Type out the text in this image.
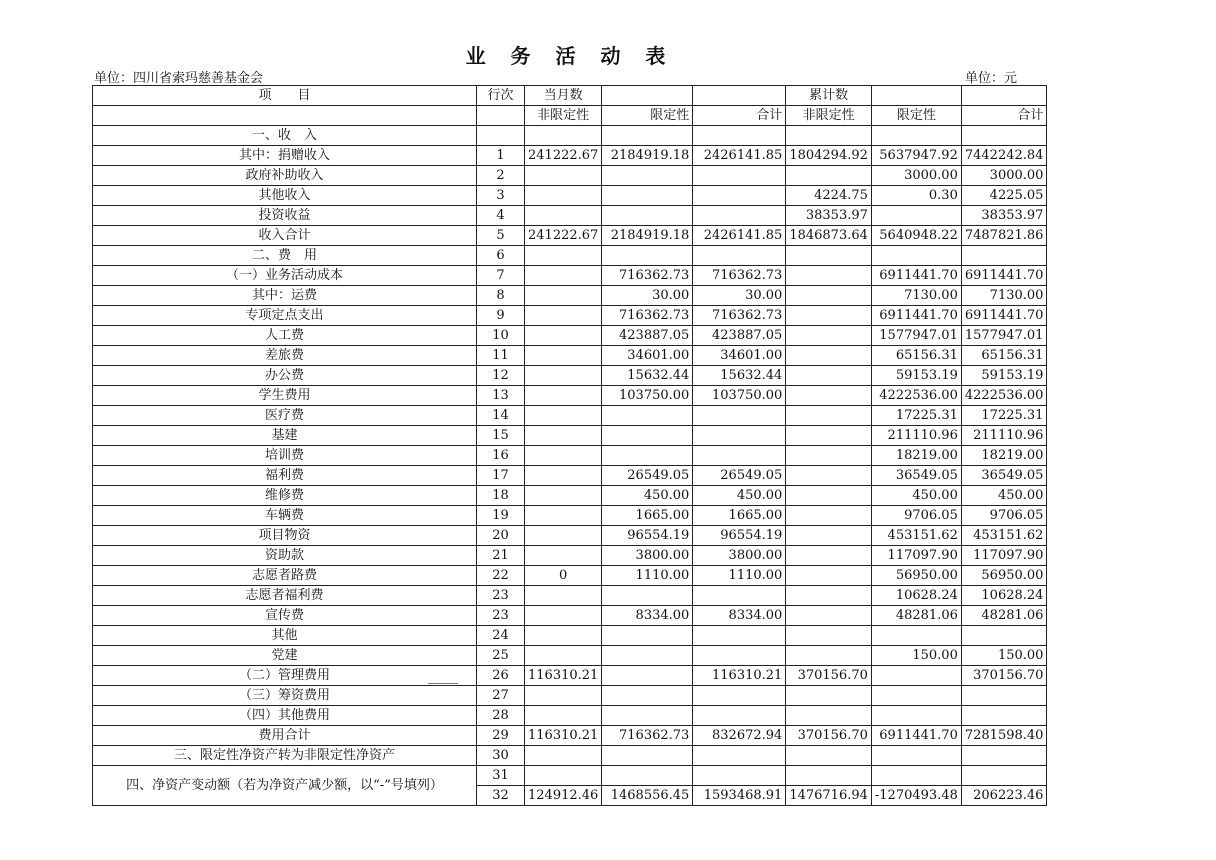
业 务 活 动 表
单位：四川省索玛慈善基金会	单位：元
项　　目	行次	当月数			累计数		
		非限定性	限定性	合计	非限定性	限定性	合计
一、收　入							
其中：捐赠收入	1	241222.67	2184919.18	2426141.85	1804294.92	5637947.92	7442242.84
政府补助收入	2					3000.00	3000.00
其他收入	3				4224.75	0.30	4225.05
投资收益	4				38353.97		38353.97
收入合计	5	241222.67	2184919.18	2426141.85	1846873.64	5640948.22	7487821.86
二、费　用	6						
（一）业务活动成本	7		716362.73	716362.73		6911441.70	6911441.70
其中：运费	8		30.00	30.00		7130.00	7130.00
专项定点支出	9		716362.73	716362.73		6911441.70	6911441.70
人工费	10		423887.05	423887.05		1577947.01	1577947.01
差旅费	11		34601.00	34601.00		65156.31	65156.31
办公费	12		15632.44	15632.44		59153.19	59153.19
学生费用	13		103750.00	103750.00		4222536.00	4222536.00
医疗费	14					17225.31	17225.31
基建	15					211110.96	211110.96
培训费	16					18219.00	18219.00
福利费	17		26549.05	26549.05		36549.05	36549.05
维修费	18		450.00	450.00		450.00	450.00
车辆费	19		1665.00	1665.00		9706.05	9706.05
项目物资	20		96554.19	96554.19		453151.62	453151.62
资助款	21		3800.00	3800.00		117097.90	117097.90
志愿者路费	22	0	1110.00	1110.00		56950.00	56950.00
志愿者福利费	23					10628.24	10628.24
宣传费	23		8334.00	8334.00		48281.06	48281.06
其他	24						
党建	25					150.00	150.00
（二）管理费用	26	116310.21		116310.21	370156.70		370156.70
（三）筹资费用	27						
（四）其他费用	28						
费用合计	29	116310.21	716362.73	832672.94	370156.70	6911441.70	7281598.40
三、限定性净资产转为非限定性净资产	30						
四、净资产变动额（若为净资产减少额，以“-”号填列）	31						
	32	124912.46	1468556.45	1593468.91	1476716.94	-1270493.48	206223.46
